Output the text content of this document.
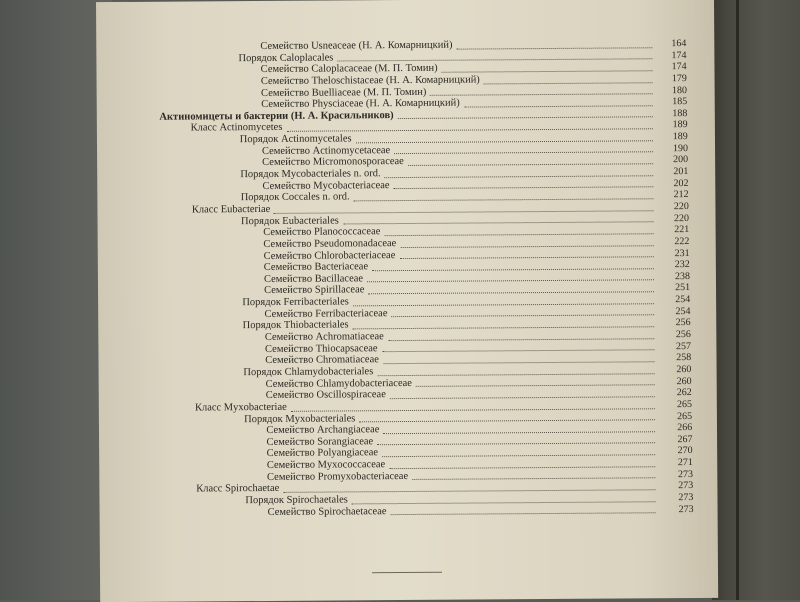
Семейство Usneaceae (Н. А. Комарницкий)	164
Порядок Caloplacales	174
Семейство Caloplacaceae (М. П. Томин)	174
Семейство Theloschistaceae (Н. А. Комарницкий)	179
Семейство Buelliaceae (М. П. Томин)	180
Семейство Physciaceae (Н. А. Комарницкий)	185
Актиномицеты и бактерии (Н. А. Красильников)	188
Класс Actinomycetes	189
Порядок Actinomycetales	189
Семейство Actinomycetaceae	190
Семейство Micromonosporaceae	200
Порядок Mycobacteriales n. ord.	201
Семейство Mycobacteriaceae	202
Порядок Coccales n. ord.	212
Класс Eubacteriae	220
Порядок Eubacteriales	220
Семейство Planococcaceae	221
Семейство Pseudomonadaceae	222
Семейство Chlorobacteriaceae	231
Семейство Bacteriaceae	232
Семейство Bacillaceae	238
Семейство Spirillaceae	251
Порядок Ferribacteriales	254
Семейство Ferribacteriaceae	254
Порядок Thiobacteriales	256
Семейство Achromatiaceae	256
Семейство Thiocapsaceae	257
Семейство Chromatiaceae	258
Порядок Chlamydobacteriales	260
Семейство Chlamydobacteriaceae	260
Семейство Oscillospiraceae	262
Класс Myxobacteriae	265
Порядок Myxobacteriales	265
Семейство Archangiaceae	266
Семейство Sorangiaceae	267
Семейство Polyangiaceae	270
Семейство Myxococcaceae	271
Семейство Promyxobacteriaceae	273
Класс Spirochaetae	273
Порядок Spirochaetales	273
Семейство Spirochaetaceae	273
